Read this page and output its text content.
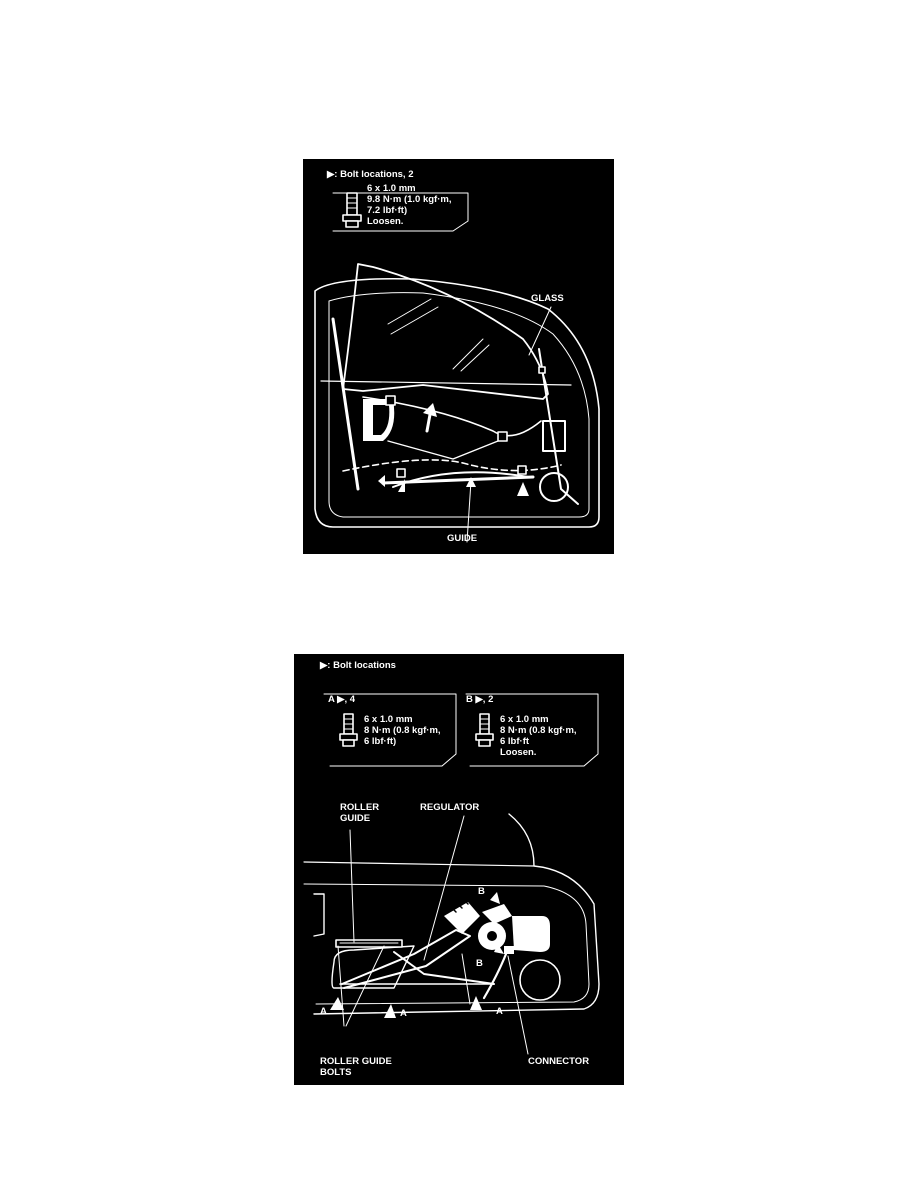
▶: Bolt locations, 2
6 x 1.0 mm
9.8 N·m (1.0 kgf·m,
7.2 lbf·ft)
Loosen.
GLASS
GUIDE
▶: Bolt locations
A ▶, 4
6 x 1.0 mm
8 N·m (0.8 kgf·m,
6 lbf·ft)
B ▶, 2
6 x 1.0 mm
8 N·m (0.8 kgf·m,
6 lbf·ft
Loosen.
ROLLER
GUIDE
REGULATOR
B
B
A	A	A
ROLLER GUIDE
BOLTS
CONNECTOR
